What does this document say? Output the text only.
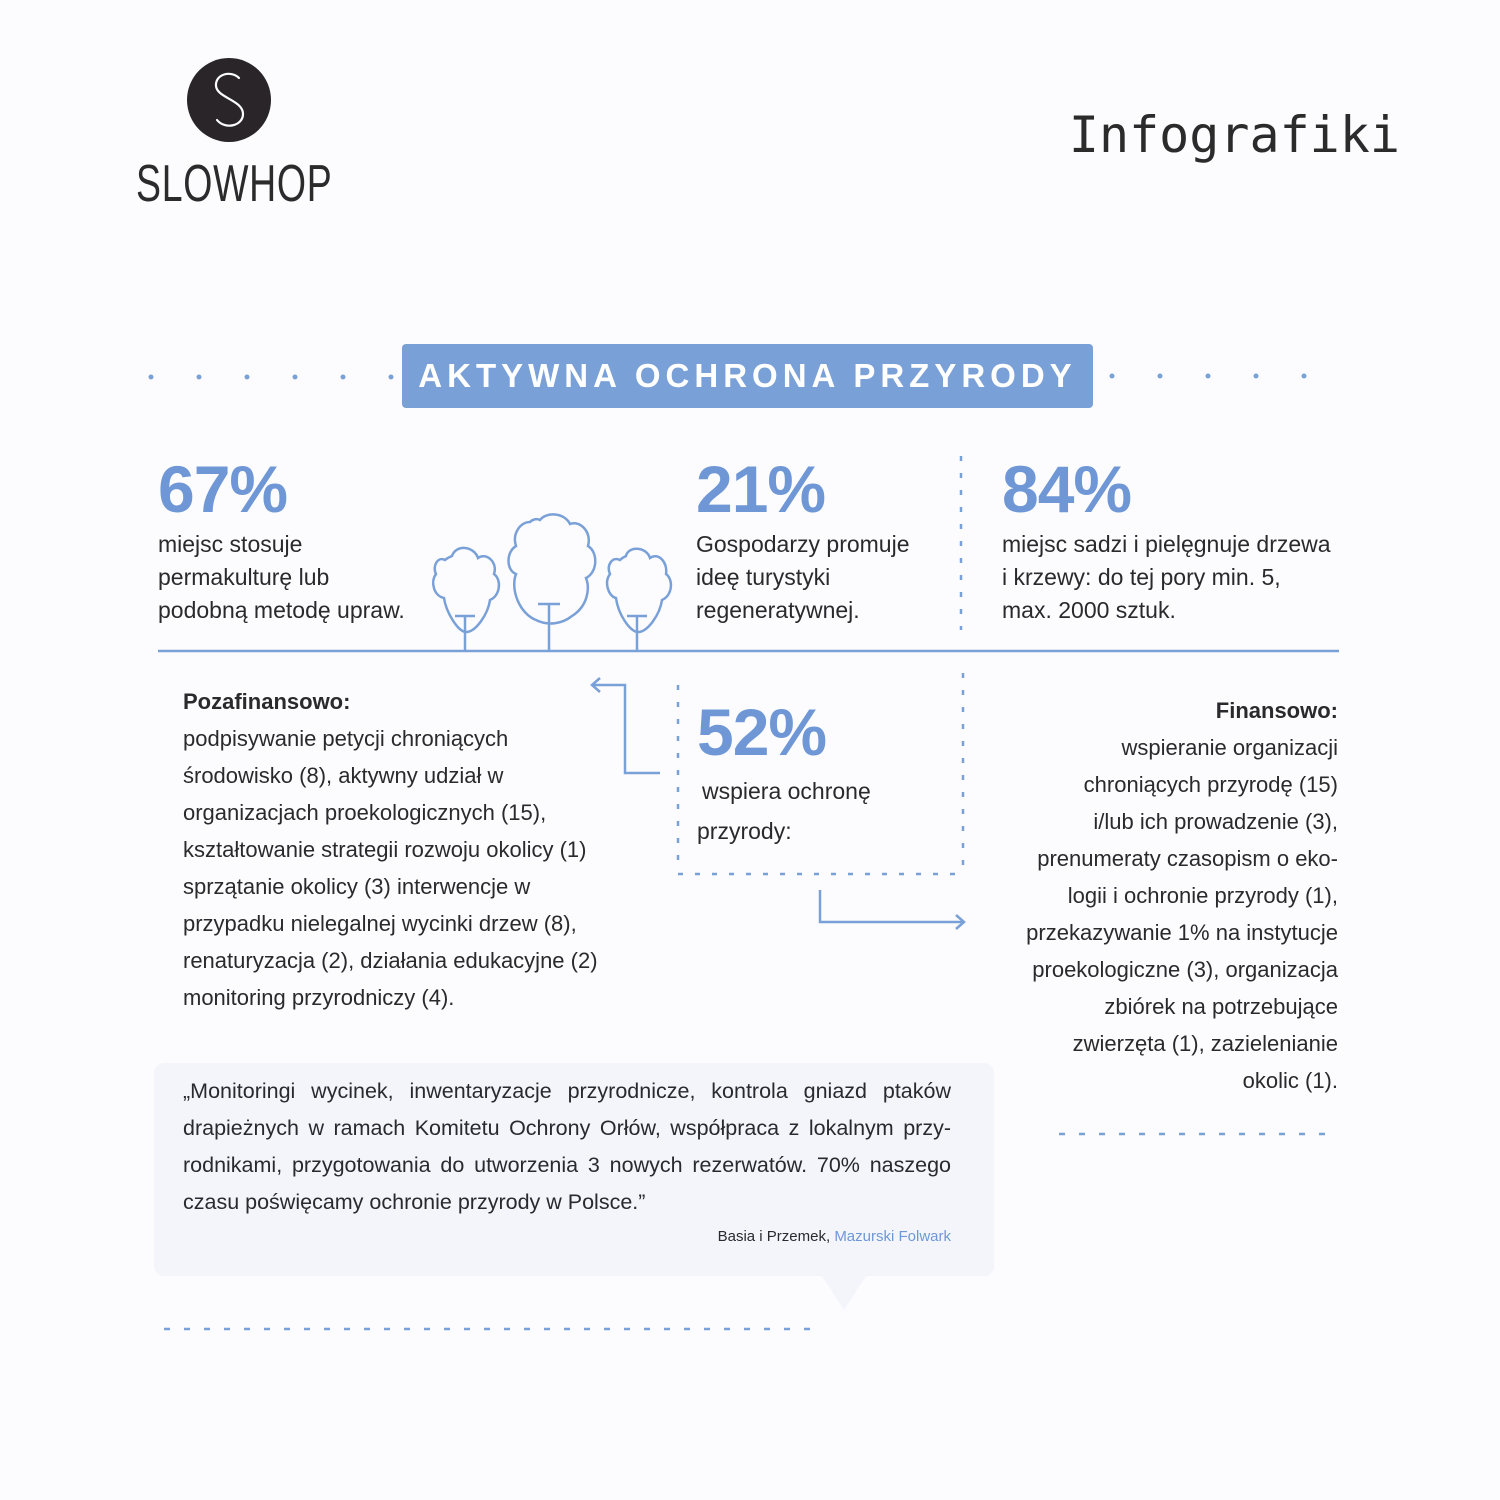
SLOWHOP
Infografiki
AKTYWNA OCHRONA PRZYRODY
67%
miejsc stosuje
permakulturę lub
podobną metodę upraw.
21%
Gospodarzy promuje
ideę turystyki
regeneratywnej.
84%
miejsc sadzi i pielęgnuje drzewa
i krzewy: do tej pory min. 5,
max. 2000 sztuk.
52%
wspiera ochronę
przyrody:
Pozafinansowo:
podpisywanie petycji chroniących
środowisko (8), aktywny udział w
organizacjach proekologicznych (15),
kształtowanie strategii rozwoju okolicy (1)
sprzątanie okolicy (3) interwencje w
przypadku nielegalnej wycinki drzew (8),
renaturyzacja (2), działania edukacyjne (2)
monitoring przyrodniczy (4).
Finansowo:
wspieranie organizacji
chroniących przyrodę (15)
i/lub ich prowadzenie (3),
prenumeraty czasopism o eko-
logii i ochronie przyrody (1),
przekazywanie 1% na instytucje
proekologiczne (3), organizacja
zbiórek na potrzebujące
zwierzęta (1), zazielenianie
okolic (1).
„Monitoringi wycinek, inwentaryzacje przyrodnicze, kontrola gniazd ptaków drapieżnych w ramach Komitetu Ochrony Orłów, współpraca z lokalnym przy-rodnikami, przygotowania do utworzenia 3 nowych rezerwatów. 70% naszego czasu poświęcamy ochronie przyrody w Polsce.”
Basia i Przemek, Mazurski Folwark
